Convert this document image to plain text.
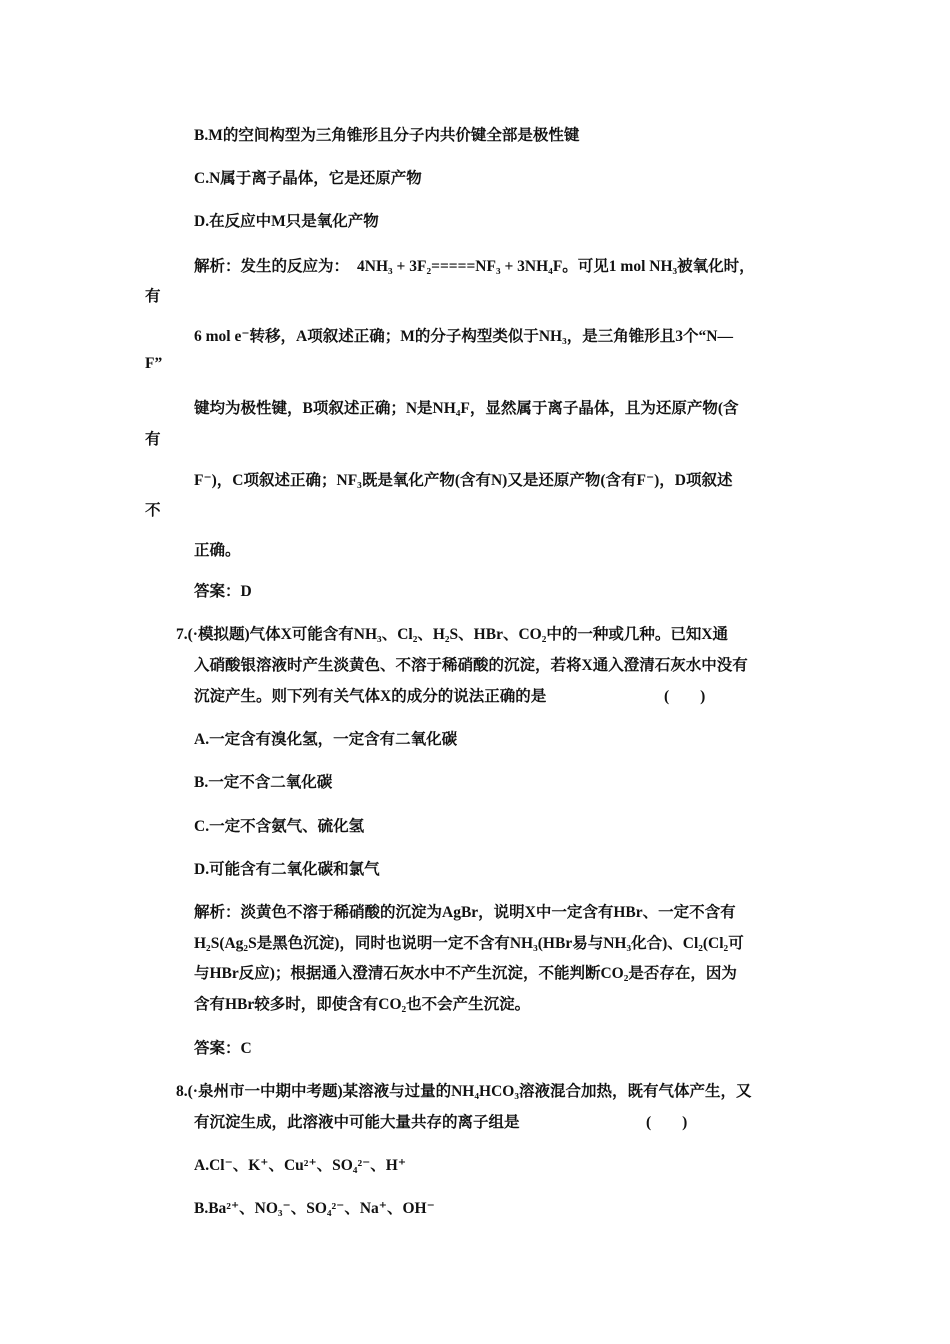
B.M的空间构型为三角锥形且分子内共价键全部是极性键
C.N属于离子晶体，它是还原产物
D.在反应中M只是氧化产物
解析：发生的反应为： 4NH₃ + 3F₂=====NF₃ + 3NH₄F。可见1 mol NH₃被氧化时，
有
6 mol e⁻转移，A项叙述正确；M的分子构型类似于NH₃，是三角锥形且3个“N—
F”
键均为极性键，B项叙述正确；N是NH₄F，显然属于离子晶体，且为还原产物(含
有
F⁻)，C项叙述正确；NF₃既是氧化产物(含有N)又是还原产物(含有F⁻)，D项叙述
不
正确。
答案：D
7.(·模拟题)气体X可能含有NH₃、Cl₂、H₂S、HBr、CO₂中的一种或几种。已知X通
入硝酸银溶液时产生淡黄色、不溶于稀硝酸的沉淀，若将X通入澄清石灰水中没有
沉淀产生。则下列有关气体X的成分的说法正确的是	(　　)
A.一定含有溴化氢，一定含有二氧化碳
B.一定不含二氧化碳
C.一定不含氨气、硫化氢
D.可能含有二氧化碳和氯气
解析：淡黄色不溶于稀硝酸的沉淀为AgBr，说明X中一定含有HBr、一定不含有
H₂S(Ag₂S是黑色沉淀)，同时也说明一定不含有NH₃(HBr易与NH₃化合)、Cl₂(Cl₂可
与HBr反应)；根据通入澄清石灰水中不产生沉淀，不能判断CO₂是否存在，因为
含有HBr较多时，即使含有CO₂也不会产生沉淀。
答案：C
8.(·泉州市一中期中考题)某溶液与过量的NH₄HCO₃溶液混合加热，既有气体产生，又
有沉淀生成，此溶液中可能大量共存的离子组是	(　　)
A.Cl⁻、K⁺、Cu²⁺、SO₄²⁻、H⁺
B.Ba²⁺、NO₃⁻、SO₄²⁻、Na⁺、OH⁻
